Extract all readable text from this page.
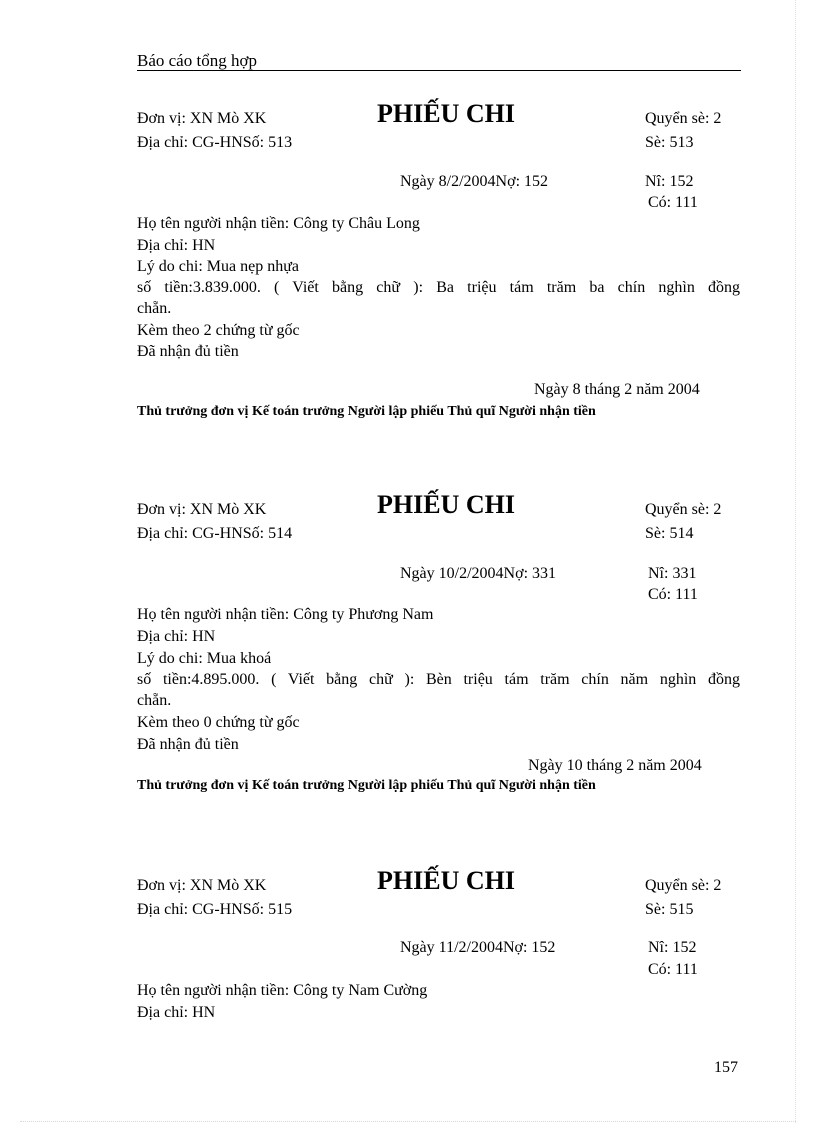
Báo cáo tổng hợp
Đơn vị: XN Mò XK	PHIẾU CHI	Quyển sè: 2
Địa chỉ: CG-HNSố: 513	Sè: 513
Ngày 8/2/2004Nợ: 152	Nî: 152
Có: 111
Họ tên người nhận tiền: Công ty Châu Long
Địa chỉ: HN
Lý do chi: Mua nẹp nhựa
số tiền:3.839.000. ( Viết bằng chữ ): Ba triệu tám trăm ba chín nghìn đồng
chẵn.
Kèm theo 2 chứng từ gốc
Đã nhận đủ tiền
Ngày 8 tháng 2 năm 2004
Thủ trưởng đơn vị Kế toán trưởng Người lập phiếu Thủ quĩ Người nhận tiền
Đơn vị: XN Mò XK	PHIẾU CHI	Quyển sè: 2
Địa chỉ: CG-HNSố: 514	Sè: 514
Ngày 10/2/2004Nợ: 331	Nî: 331
Có: 111
Họ tên người nhận tiền: Công ty Phương Nam
Địa chỉ: HN
Lý do chi: Mua khoá
số tiền:4.895.000. ( Viết bằng chữ ): Bèn triệu tám trăm chín năm nghìn đồng
chẵn.
Kèm theo 0 chứng từ gốc
Đã nhận đủ tiền
Ngày 10 tháng 2 năm 2004
Thủ trưởng đơn vị Kế toán trưởng Người lập phiếu Thủ quĩ Người nhận tiền
Đơn vị: XN Mò XK	PHIẾU CHI	Quyển sè: 2
Địa chỉ: CG-HNSố: 515	Sè: 515
Ngày 11/2/2004Nợ: 152	Nî: 152
Có: 111
Họ tên người nhận tiền: Công ty Nam Cường
Địa chỉ: HN
157
